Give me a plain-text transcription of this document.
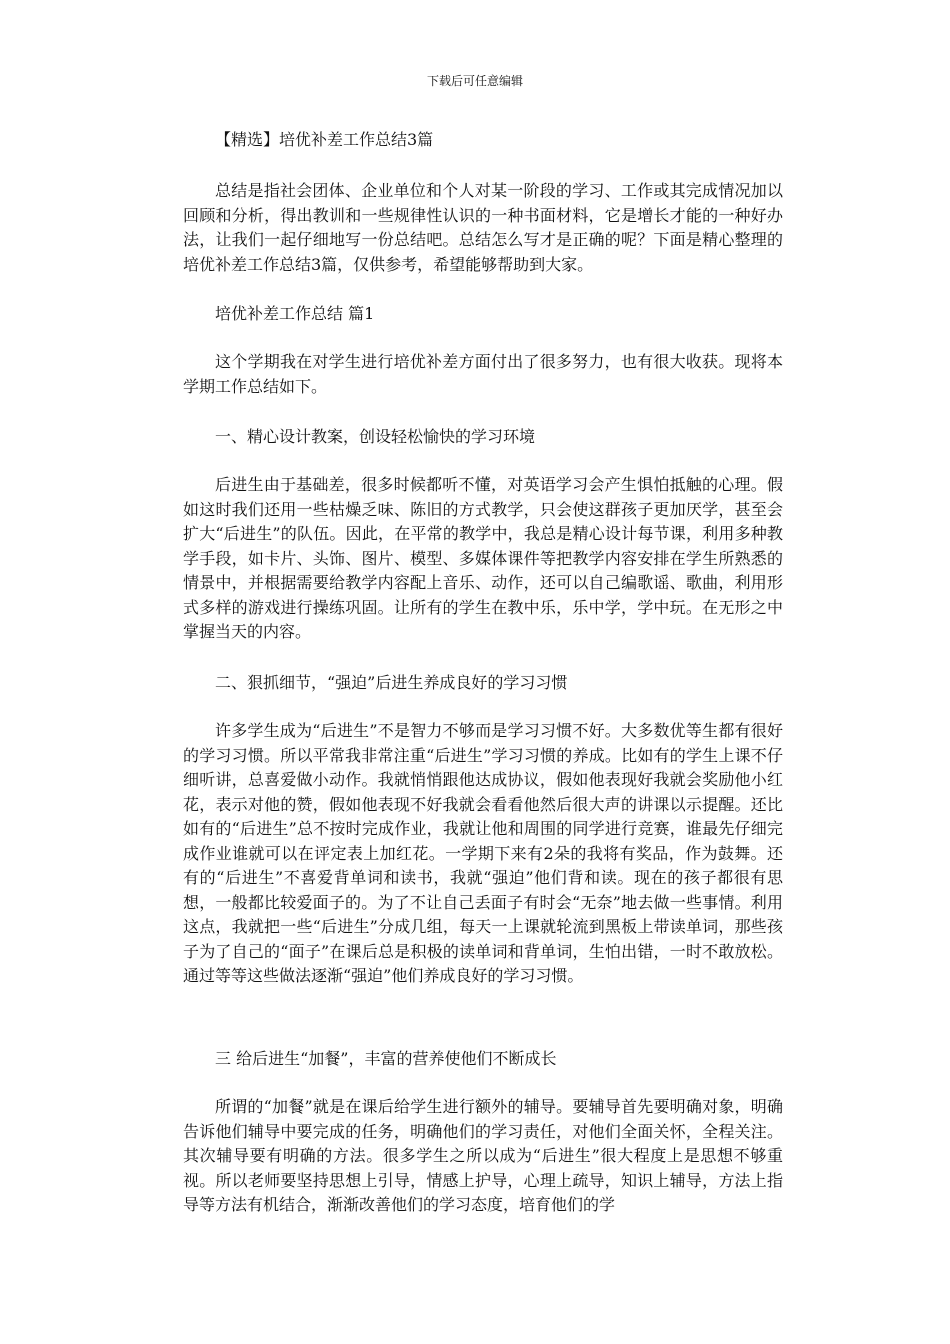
下载后可任意编辑
【精选】培优补差工作总结3篇

总结是指社会团体、企业单位和个人对某一阶段的学习、工作或其完成情况加以回顾和分析，得出教训和一些规律性认识的一种书面材料，它是增长才能的一种好办法，让我们一起仔细地写一份总结吧。总结怎么写才是正确的呢？下面是精心整理的培优补差工作总结3篇，仅供参考，希望能够帮助到大家。

培优补差工作总结 篇1

这个学期我在对学生进行培优补差方面付出了很多努力，也有很大收获。现将本学期工作总结如下。

一、精心设计教案，创设轻松愉快的学习环境

后进生由于基础差，很多时候都听不懂，对英语学习会产生惧怕抵触的心理。假如这时我们还用一些枯燥乏味、陈旧的方式教学，只会使这群孩子更加厌学，甚至会扩大“后进生”的队伍。因此，在平常的教学中，我总是精心设计每节课，利用多种教学手段，如卡片、头饰、图片、模型、多媒体课件等把教学内容安排在学生所熟悉的情景中，并根据需要给教学内容配上音乐、动作，还可以自己编歌谣、歌曲，利用形式多样的游戏进行操练巩固。让所有的学生在教中乐，乐中学，学中玩。在无形之中掌握当天的内容。

二、狠抓细节，“强迫”后进生养成良好的学习习惯

许多学生成为“后进生”不是智力不够而是学习习惯不好。大多数优等生都有很好的学习习惯。所以平常我非常注重“后进生”学习习惯的养成。比如有的学生上课不仔细听讲，总喜爱做小动作。我就悄悄跟他达成协议，假如他表现好我就会奖励他小红花，表示对他的赞，假如他表现不好我就会看看他然后很大声的讲课以示提醒。还比如有的“后进生”总不按时完成作业，我就让他和周围的同学进行竞赛，谁最先仔细完成作业谁就可以在评定表上加红花。一学期下来有2朵的我将有奖品，作为鼓舞。还有的“后进生”不喜爱背单词和读书，我就“强迫”他们背和读。现在的孩子都很有思想，一般都比较爱面子的。为了不让自己丢面子有时会“无奈”地去做一些事情。利用这点，我就把一些“后进生”分成几组，每天一上课就轮流到黑板上带读单词，那些孩子为了自己的“面子”在课后总是积极的读单词和背单词，生怕出错，一时不敢放松。通过等等这些做法逐渐“强迫”他们养成良好的学习习惯。

三 给后进生“加餐”，丰富的营养使他们不断成长

所谓的“加餐”就是在课后给学生进行额外的辅导。要辅导首先要明确对象，明确告诉他们辅导中要完成的任务，明确他们的学习责任，对他们全面关怀，全程关注。其次辅导要有明确的方法。很多学生之所以成为“后进生”很大程度上是思想不够重视。所以老师要坚持思想上引导，情感上护导，心理上疏导，知识上辅导，方法上指导等方法有机结合，渐渐改善他们的学习态度，培育他们的学
